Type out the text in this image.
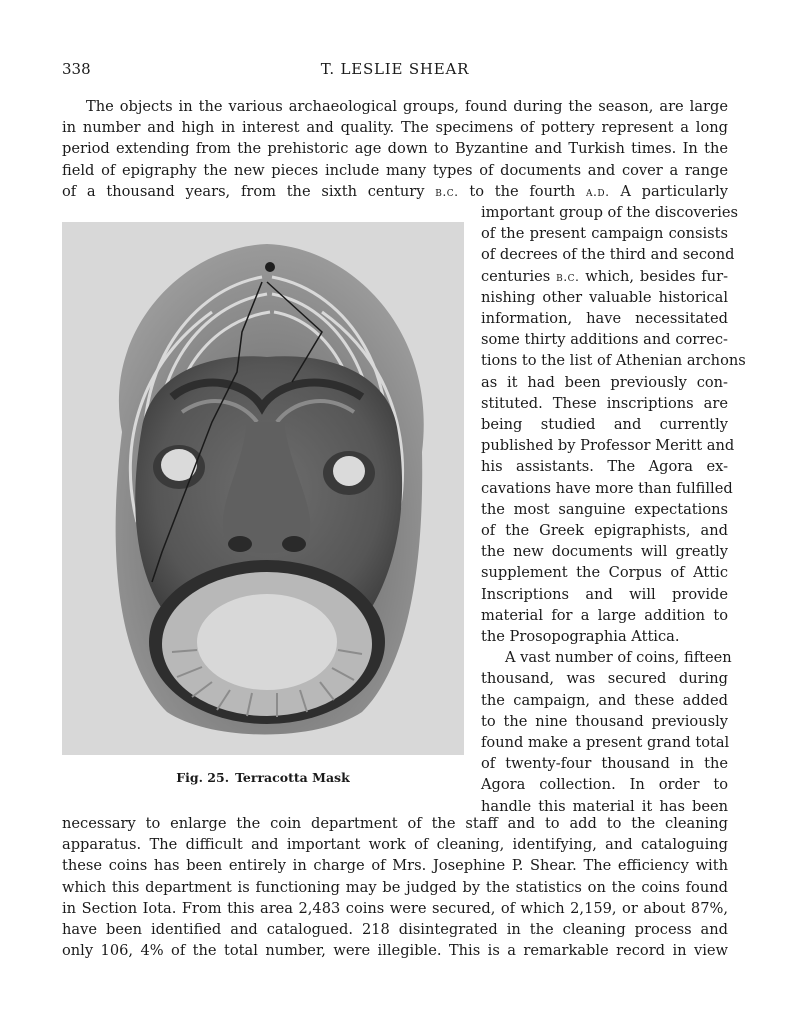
338	T. LESLIE SHEAR
The objects in the various archaeological groups, found during the season, are large
in number and high in interest and quality. The specimens of pottery represent a long
period extending from the prehistoric age down to Byzantine and Turkish times. In the
field of epigraphy the new pieces include many types of documents and cover a range
of a thousand years, from the sixth century b.c. to the fourth a.d. A particularly
Fig. 25. Terracotta Mask
important group of the discoveries
of the present campaign consists
of decrees of the third and second
centuries b.c. which, besides fur-
nishing other valuable historical
information, have necessitated
some thirty additions and correc-
tions to the list of Athenian archons
as it had been previously con-
stituted. These inscriptions are
being studied and currently
published by Professor Meritt and
his assistants. The Agora ex-
cavations have more than fulfilled
the most sanguine expectations
of the Greek epigraphists, and
the new documents will greatly
supplement the Corpus of Attic
Inscriptions and will provide
material for a large addition to
the Prosopographia Attica.
A vast number of coins, fifteen
thousand, was secured during
the campaign, and these added
to the nine thousand previously
found make a present grand total
of twenty-four thousand in the
Agora collection. In order to
handle this material it has been
necessary to enlarge the coin department of the staff and to add to the cleaning
apparatus. The difficult and important work of cleaning, identifying, and cataloguing
these coins has been entirely in charge of Mrs. Josephine P. Shear. The efficiency with
which this department is functioning may be judged by the statistics on the coins found
in Section Iota. From this area 2,483 coins were secured, of which 2,159, or about 87%,
have been identified and catalogued. 218 disintegrated in the cleaning process and
only 106, 4% of the total number, were illegible. This is a remarkable record in view
